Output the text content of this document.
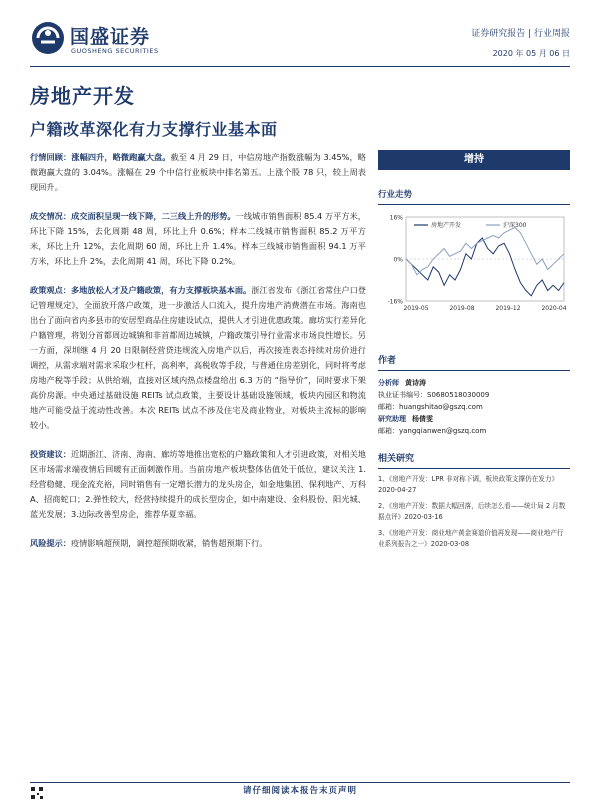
国盛证券
GUOSHENG SECURITIES
证券研究报告 | 行业周报
2020 年 05 月 06 日
房地产开发
户籍改革深化有力支撑行业基本面

行情回顾：涨幅四升，略微跑赢大盘。截至 4 月 29 日，中信房地产指数涨幅为 3.45%，略微跑赢大盘的 3.04%。涨幅在 29 个中信行业板块中排名第五。上涨个股 78 只，较上周表现回升。

成交情况：成交面积呈现一线下降，二三线上升的形势。一线城市销售面积 85.4 万平方米，环比下降 15%，去化周期 48 周，环比上升 0.6%；样本二线城市销售面积 85.2 万平方米，环比上升 12%，去化周期 60 周，环比上升 1.4%。样本三线城市销售面积 94.1 万平方米，环比上升 2%，去化周期 41 周，环比下降 0.2%。

政策观点：多地放松人才及户籍政策，有力支撑板块基本面。浙江省发布《浙江省常住户口登记管理规定》，全面放开落户政策，进一步激活人口流入，提升房地产消费潜在市场。海南也出台了面向省内多县市的安居型商品住房建设试点，提供人才引进优惠政策。廊坊实行差异化户籍管理，将划分首都周边城镇和非首都周边城镇，户籍政策引导行业需求市场良性增长。另一方面，深圳继 4 月 20 日限制经营贷违规流入房地产以后，再次接连表态持续对房价进行调控，从需求端对需求采取少杠杆，高利率，高税收等手段，与普通住房差别化，同时将考虑房地产税等手段；从供给端，直接对区域内热点楼盘给出 6.3 万的 “指导价”，同时要求下架高价房源。中央通过基础设施 REITs 试点政策，主要设计基础设施领域，板块内园区和物流地产可能受益于流动性改善。本次 REITs 试点不涉及住宅及商业物业，对板块主流标的影响较小。

投资建议：近期浙江、济南、海南、廊坊等地推出宽松的户籍政策和人才引进政策，对相关地区市场需求端夜情后回暖有正面刺激作用。当前房地产板块整体估值处于低位，建议关注 1.经营稳健、现金流充裕，同时销售有一定增长潜力的龙头房企，如金地集团、保利地产、万科 A、招商蛇口；2.弹性较大，经营持续提升的成长型房企，如中南建设、金科股份、阳光城、蓝光发展；3.边际改善型房企，推荐华夏幸福。

风险提示：疫情影响超预期，调控超预期收紧，销售超预期下行。

增持
行业走势
16%
0%
-16%
2019-05	2019-08	2019-12	2020-04
房地产开发	沪深300
作者
分析师 黄诗涛
执业证书编号：S0680518030009
邮箱：huangshitao@gszq.com
研究助理 杨倩雯
邮箱：yangqianwen@gszq.com
相关研究
1、《房地产开发：LPR 非对称下调，板块政策支撑仍在发力》2020-04-27
2、《房地产开发：数据大幅回落，后续怎么看——统计局 2 月数据点评》2020-03-16
3、《房地产开发：商业地产黄金赛道价值再发现——商业地产行业系列报告之一》2020-03-08
请仔细阅读本报告末页声明
